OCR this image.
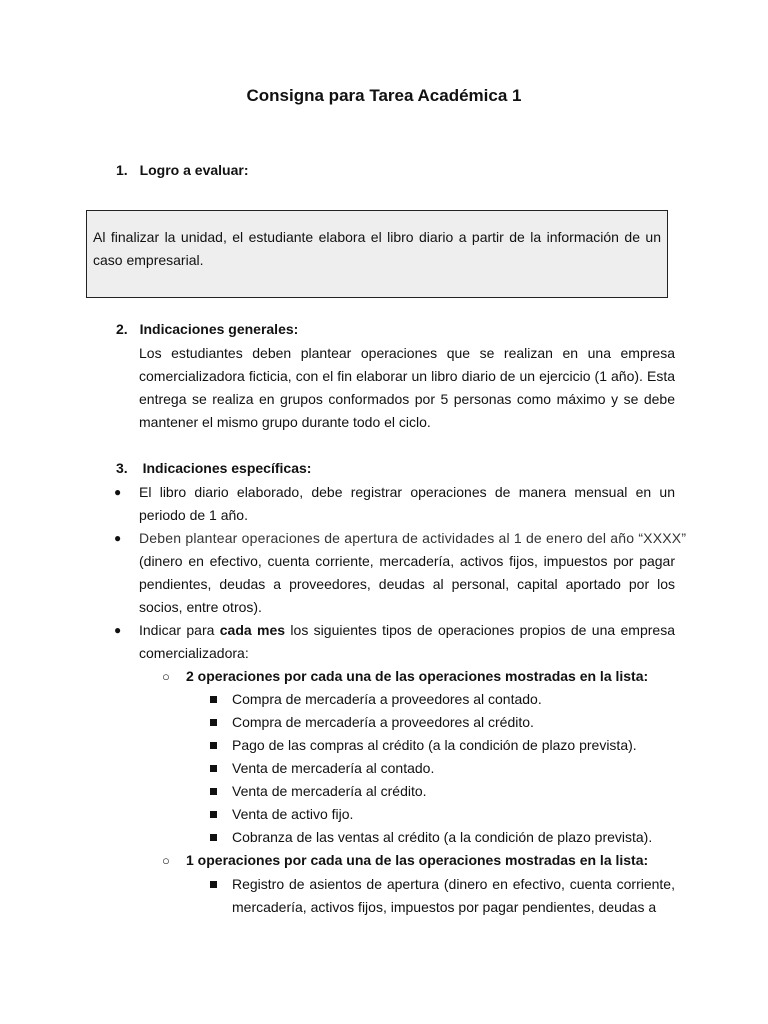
Consigna para Tarea Académica 1
1. Logro a evaluar:
Al finalizar la unidad, el estudiante elabora el libro diario a partir de la información de un caso empresarial.
2. Indicaciones generales:

Los estudiantes deben plantear operaciones que se realizan en una empresa comercializadora ficticia, con el fin elaborar un libro diario de un ejercicio (1 año). Esta entrega se realiza en grupos conformados por 5 personas como máximo y se debe mantener el mismo grupo durante todo el ciclo.

3. Indicaciones específicas:
● El libro diario elaborado, debe registrar operaciones de manera mensual en un periodo de 1 año.
● Deben plantear operaciones de apertura de actividades al 1 de enero del año “XXXX”
(dinero en efectivo, cuenta corriente, mercadería, activos fijos, impuestos por pagar pendientes, deudas a proveedores, deudas al personal, capital aportado por los socios, entre otros).
● Indicar para cada mes los siguientes tipos de operaciones propios de una empresa comercializadora:
○ 2 operaciones por cada una de las operaciones mostradas en la lista:
Compra de mercadería a proveedores al contado.
Compra de mercadería a proveedores al crédito.
Pago de las compras al crédito (a la condición de plazo prevista).
Venta de mercadería al contado.
Venta de mercadería al crédito.
Venta de activo fijo.
Cobranza de las ventas al crédito (a la condición de plazo prevista).
○ 1 operaciones por cada una de las operaciones mostradas en la lista:
Registro de asientos de apertura (dinero en efectivo, cuenta corriente, mercadería, activos fijos, impuestos por pagar pendientes, deudas a
